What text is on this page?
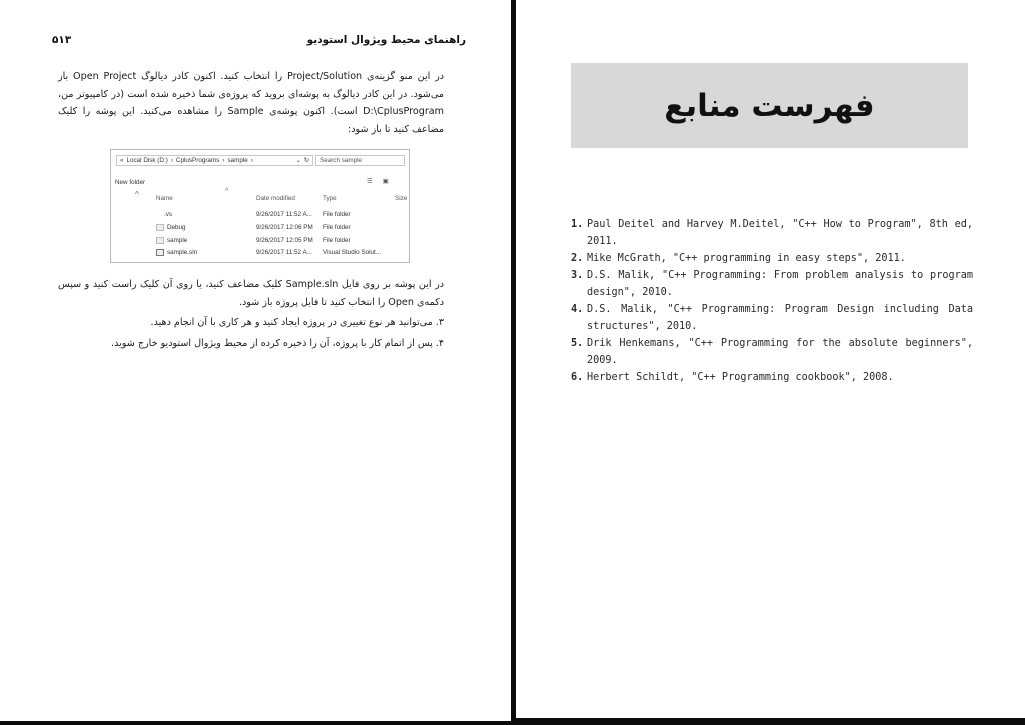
۵۱۳	راهنمای محیط ویژوال استودیو
در این منو گزینه‌ی Project/Solution را انتخاب کنید. اکنون کادر دیالوگ Open Project باز می‌شود. در این کادر دیالوگ به پوشه‌ای بروید که پروژه‌ی شما ذخیره شده است (در کامپیوتر من، D:\CplusProgram است). اکنون پوشه‌ی Sample را مشاهده می‌کنید. این پوشه را کلیک مضاعف کنید تا باز شود:
« Local Disk (D:) › CplusPrograms › sample ›	⌄ ↻	Search sample
New folder	☰ ▣
^	^
Name	Date modified	Type	Size
.vs	9/26/2017 11:52 A... File folder
Debug	9/26/2017 12:06 PM File folder
sample	9/26/2017 12:05 PM File folder
sample.sln	9/26/2017 11:52 A... Visual Studio Solut...
در این پوشه بر روی فایل Sample.sln کلیک مضاعف کنید، یا روی آن کلیک راست کنید و سپس دکمه‌ی Open را انتخاب کنید تا فایل پروژه باز شود.
۳.
می‌توانید هر نوع تغییری در پروژه ایجاد کنید و هر کاری با آن انجام دهید.
۴.
پس از اتمام کار با پروژه، آن را ذخیره کرده از محیط ویژوال استودیو خارج شوید.
فهرست منابع
1. Paul Deitel and Harvey M.Deitel, "C++ How to Program", 8th ed, 2011.
2. Mike McGrath, "C++ programming in easy steps", 2011.
3. D.S. Malik, "C++ Programming: From problem analysis to program design", 2010.
4. D.S. Malik, "C++ Programming: Program Design including Data structures", 2010.
5. Drik Henkemans, "C++ Programming for the absolute beginners", 2009.
6. Herbert Schildt, "C++ Programming cookbook", 2008.
